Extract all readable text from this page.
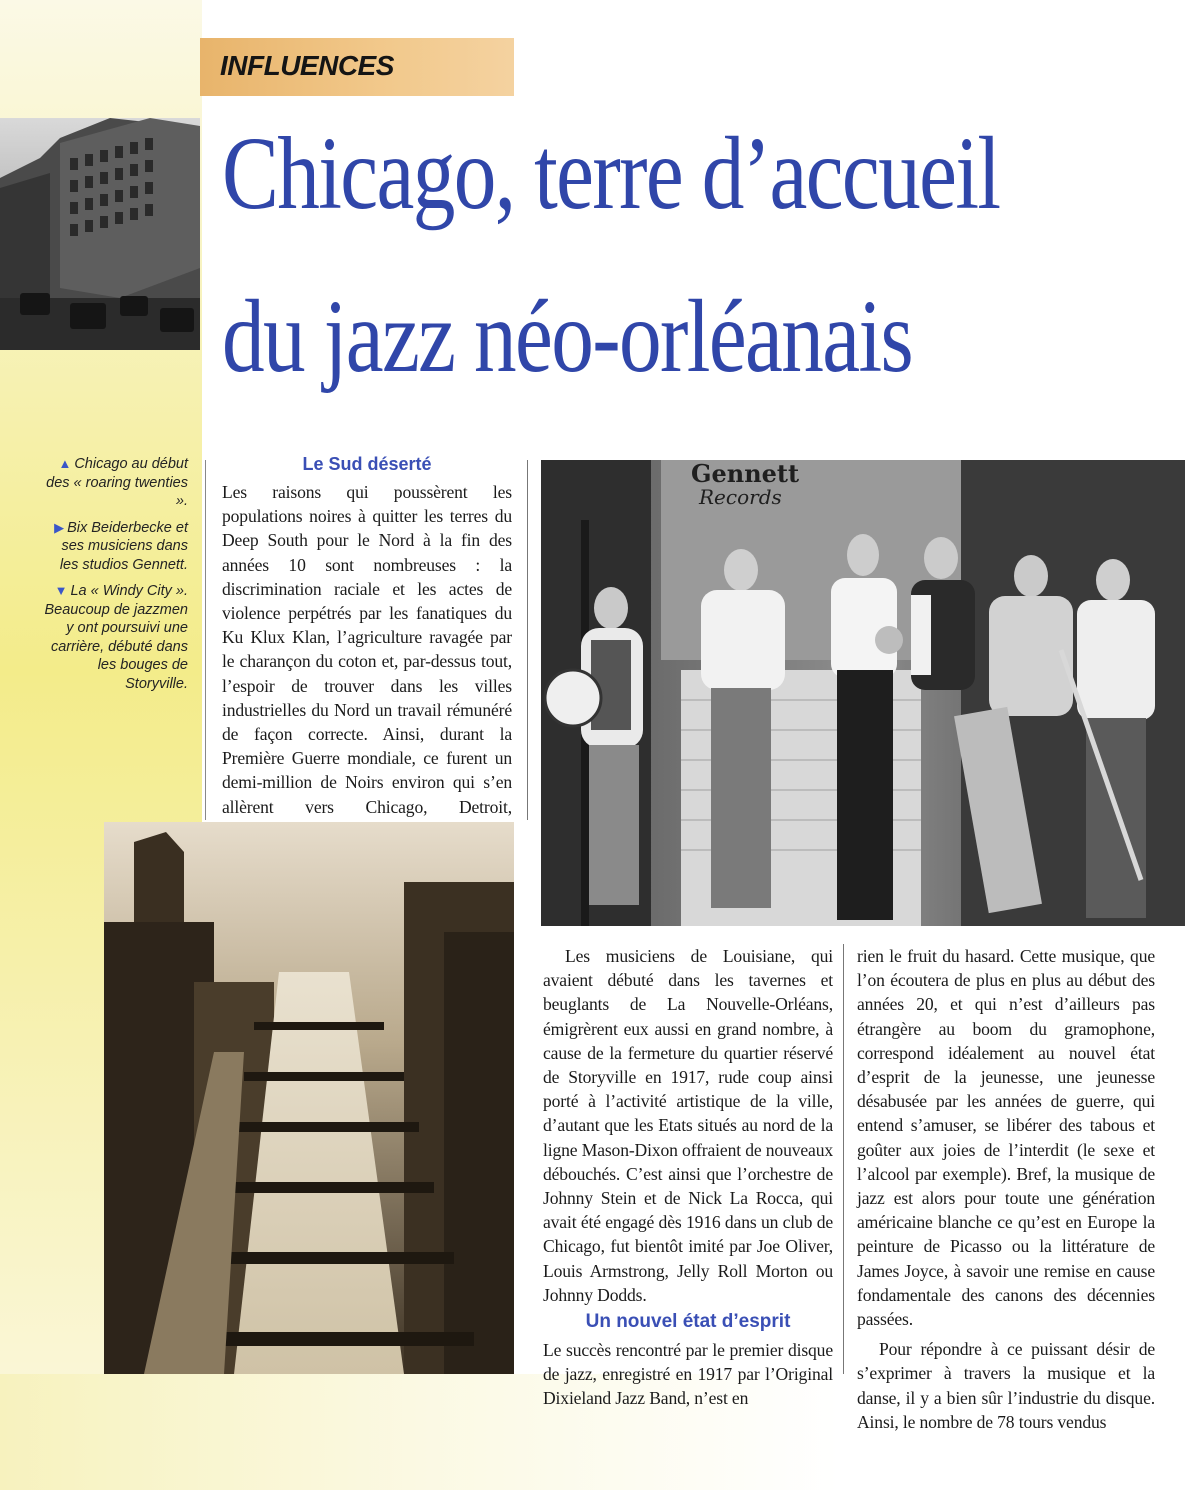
INFLUENCES
Chicago, terre d’accueil
du jazz néo-orléanais
▲ Chicago au début des « roaring twenties ».
▶ Bix Beiderbecke et ses musiciens dans les studios Gennett.
▼ La « Windy City ». Beaucoup de jazzmen y ont poursuivi une carrière, débuté dans les bouges de Storyville.
Le Sud déserté
Les raisons qui poussèrent les populations noires à quitter les terres du Deep South pour le Nord à la fin des années 10 sont nombreuses : la discrimination raciale et les actes de violence perpétrés par les fanatiques du Ku Klux Klan, l’agriculture ravagée par le charançon du coton et, par-dessus tout, l’espoir de trouver dans les villes industrielles du Nord un travail rémunéré de façon correcte. Ainsi, durant la Première Guerre mondiale, ce furent un demi-million de Noirs environ qui s’en allèrent vers Chicago, Detroit,
Gennett
Records

Les musiciens de Louisiane, qui avaient débuté dans les tavernes et beuglants de La Nouvelle-Orléans, émigrèrent eux aussi en grand nombre, à cause de la fermeture du quartier réservé de Storyville en 1917, rude coup ainsi porté à l’activité artistique de la ville, d’autant que les Etats situés au nord de la ligne Mason-Dixon offraient de nouveaux débouchés. C’est ainsi que l’orchestre de Johnny Stein et de Nick La Rocca, qui avait été engagé dès 1916 dans un club de Chicago, fut bientôt imité par Joe Oliver, Louis Armstrong, Jelly Roll Morton ou Johnny Dodds.

Un nouvel état d’esprit
Le succès rencontré par le premier disque de jazz, enregistré en 1917 par l’Original Dixieland Jazz Band, n’est en

rien le fruit du hasard. Cette musique, que l’on écoutera de plus en plus au début des années 20, et qui n’est d’ailleurs pas étrangère au boom du gramophone, correspond idéalement au nouvel état d’esprit de la jeunesse, une jeunesse désabusée par les années de guerre, qui entend s’amuser, se libérer des tabous et goûter aux joies de l’interdit (le sexe et l’alcool par exemple). Bref, la musique de jazz est alors pour toute une génération américaine blanche ce qu’est en Europe la peinture de Picasso ou la littérature de James Joyce, à savoir une remise en cause fondamentale des canons des décennies passées.

Pour répondre à ce puissant désir de s’exprimer à travers la musique et la danse, il y a bien sûr l’industrie du disque. Ainsi, le nombre de 78 tours vendus
